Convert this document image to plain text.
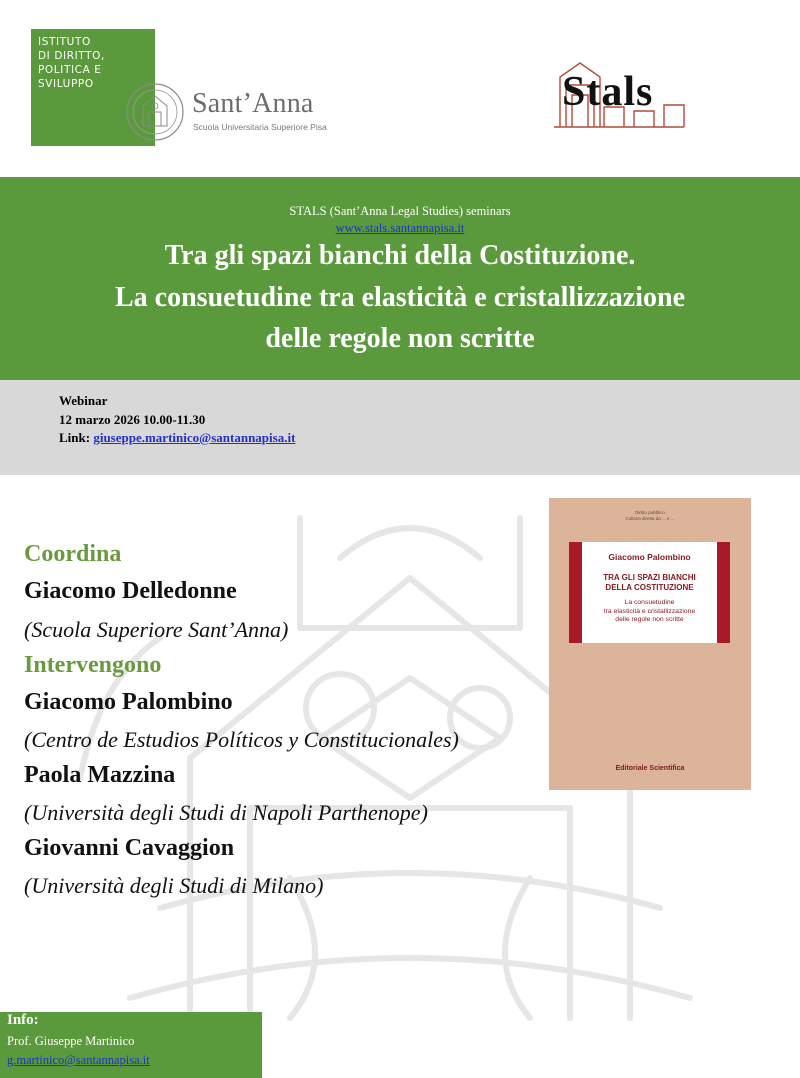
ISTITUTO
DI DIRITTO,
POLITICA E
SVILUPPO
Sant’Anna
Scuola Universitaria Superiore Pisa
Stals
STALS (Sant’Anna Legal Studies) seminars
www.stals.santannapisa.it
Tra gli spazi bianchi della Costituzione.
La consuetudine tra elasticità e cristallizzazione
delle regole non scritte
Webinar
12 marzo 2026 10.00-11.30
Link: giuseppe.martinico@santannapisa.it
Coordina
Giacomo Delledonne
(Scuola Superiore Sant’Anna)
Intervengono
Giacomo Palombino
(Centro de Estudios Políticos y Constitucionales)
Paola Mazzina
(Università degli Studi di Napoli Parthenope)
Giovanni Cavaggion
(Università degli Studi di Milano)
Diritto pubblico
Collana diretta da ... e ...
Giacomo Palombino
TRA GLI SPAZI BIANCHI
DELLA COSTITUZIONE
La consuetudine
tra elasticità e cristallizzazione
delle regole non scritte
Editoriale Scientifica
Info:
Prof. Giuseppe Martinico
g.martinico@santannapisa.it
